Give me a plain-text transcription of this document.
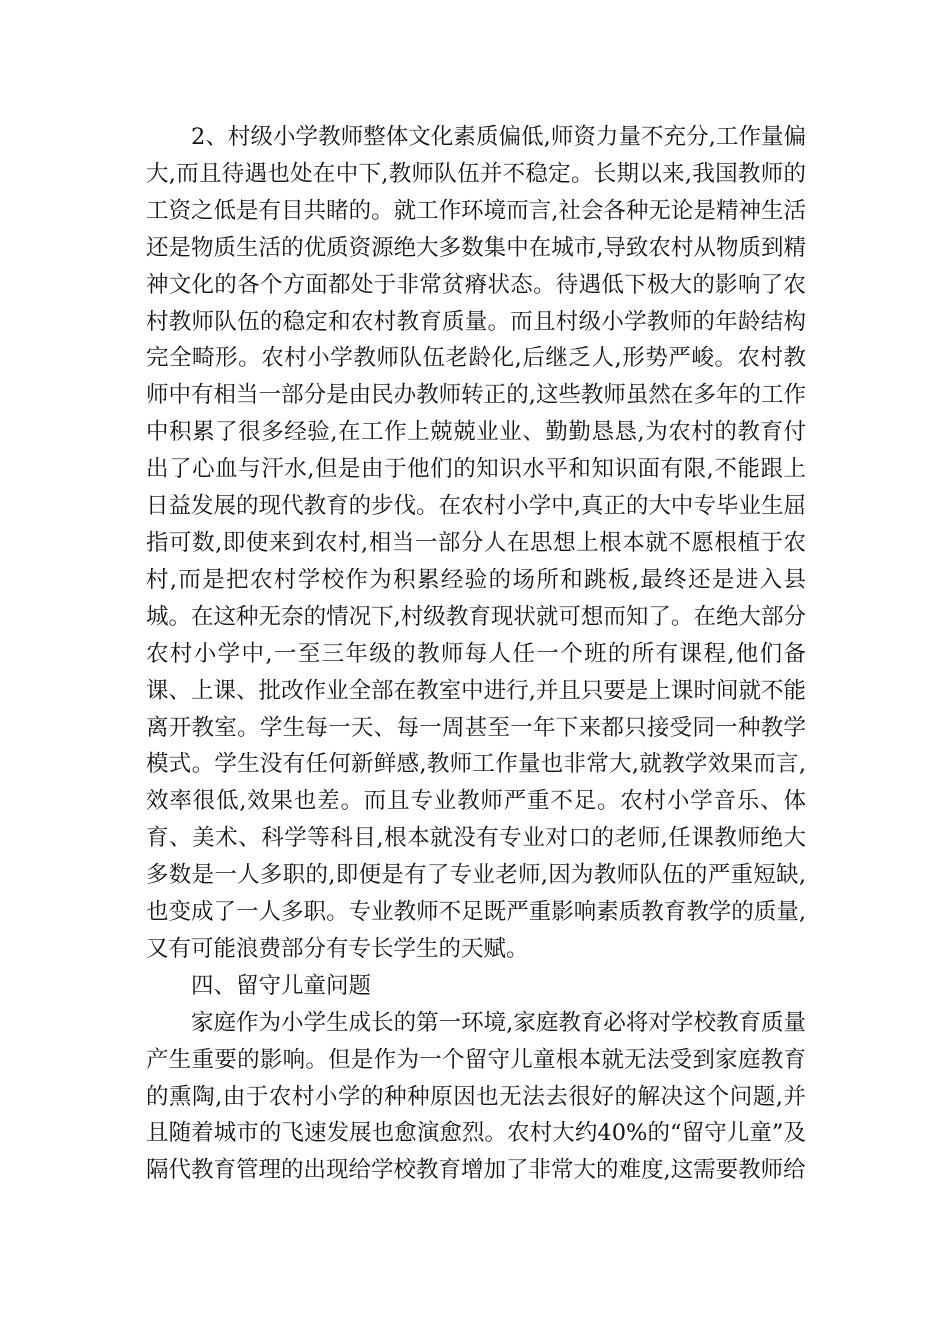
2、村级小学教师整体文化素质偏低,师资力量不充分,工作量偏大,而且待遇也处在中下,教师队伍并不稳定。长期以来,我国教师的工资之低是有目共睹的。就工作环境而言,社会各种无论是精神生活还是物质生活的优质资源绝大多数集中在城市,导致农村从物质到精神文化的各个方面都处于非常贫瘠状态。待遇低下极大的影响了农村教师队伍的稳定和农村教育质量。而且村级小学教师的年龄结构完全畸形。农村小学教师队伍老龄化,后继乏人,形势严峻。农村教师中有相当一部分是由民办教师转正的,这些教师虽然在多年的工作中积累了很多经验,在工作上兢兢业业、勤勤恳恳,为农村的教育付出了心血与汗水,但是由于他们的知识水平和知识面有限,不能跟上日益发展的现代教育的步伐。在农村小学中,真正的大中专毕业生屈指可数,即使来到农村,相当一部分人在思想上根本就不愿根植于农村,而是把农村学校作为积累经验的场所和跳板,最终还是进入县城。在这种无奈的情况下,村级教育现状就可想而知了。在绝大部分农村小学中,一至三年级的教师每人任一个班的所有课程,他们备课、上课、批改作业全部在教室中进行,并且只要是上课时间就不能离开教室。学生每一天、每一周甚至一年下来都只接受同一种教学模式。学生没有任何新鲜感,教师工作量也非常大,就教学效果而言,效率很低,效果也差。而且专业教师严重不足。农村小学音乐、体育、美术、科学等科目,根本就没有专业对口的老师,任课教师绝大多数是一人多职的,即便是有了专业老师,因为教师队伍的严重短缺,也变成了一人多职。专业教师不足既严重影响素质教育教学的质量,又有可能浪费部分有专长学生的天赋。

四、留守儿童问题

家庭作为小学生成长的第一环境,家庭教育必将对学校教育质量产生重要的影响。但是作为一个留守儿童根本就无法受到家庭教育的熏陶,由于农村小学的种种原因也无法去很好的解决这个问题,并且随着城市的飞速发展也愈演愈烈。农村大约40%的“留守儿童”及隔代教育管理的出现给学校教育增加了非常大的难度,这需要教师给
